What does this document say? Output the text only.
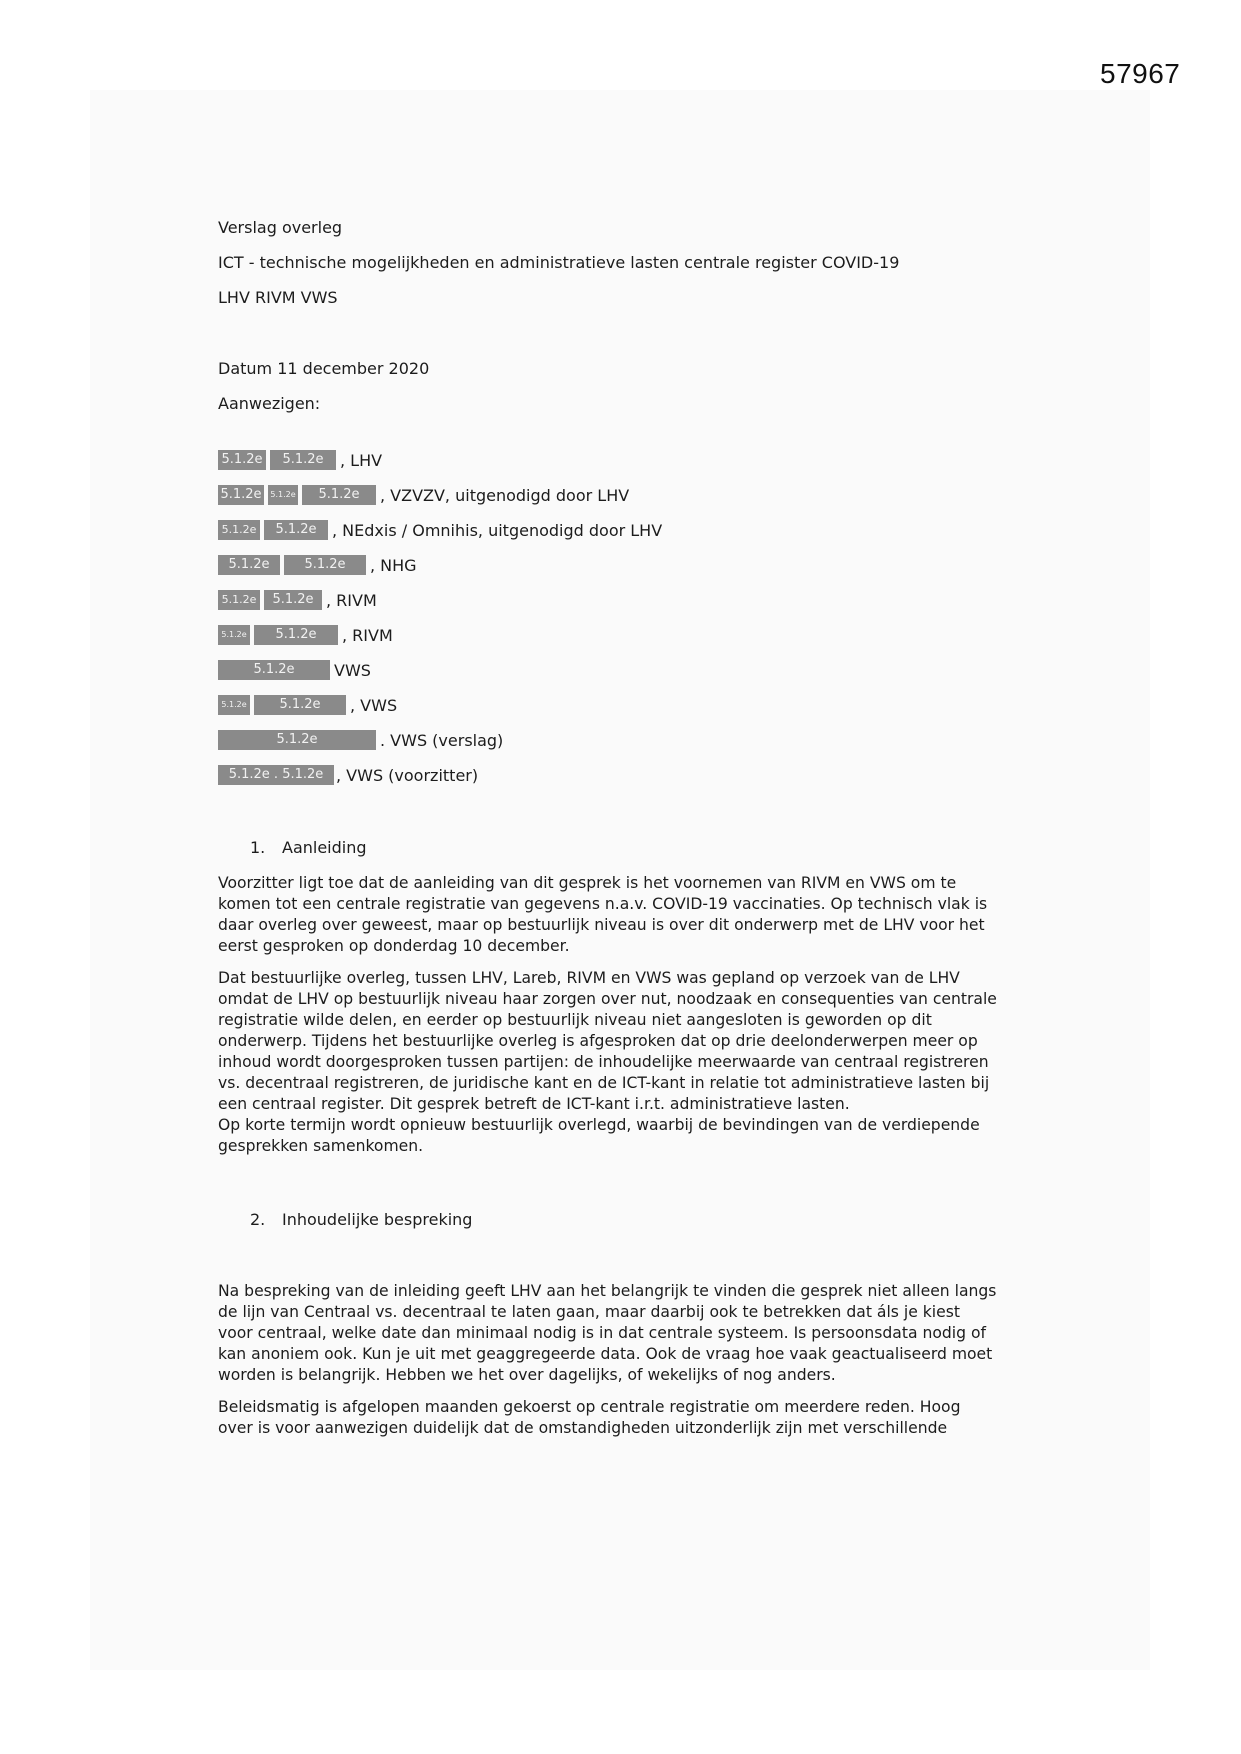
57967
Verslag overleg
ICT - technische mogelijkheden en administratieve lasten centrale register COVID-19
LHV RIVM VWS
Datum 11 december 2020
Aanwezigen:
5.1.2e	5.1.2e	, LHV
5.1.2e	5.1.2e	5.1.2e	, VZVZV, uitgenodigd door LHV
5.1.2e	5.1.2e , NEdxis / Omnihis, uitgenodigd door LHV
5.1.2e	5.1.2e	, NHG
5.1.2e	5.1.2e , RIVM
5.1.2e	5.1.2e	, RIVM
5.1.2e	VWS
5.1.2e	5.1.2e	, VWS
5.1.2e	. VWS (verslag)
5.1.2e . 5.1.2e , VWS (voorzitter)
1. Aanleiding
Voorzitter ligt toe dat de aanleiding van dit gesprek is het voornemen van RIVM en VWS om te
komen tot een centrale registratie van gegevens n.a.v. COVID-19 vaccinaties. Op technisch vlak is
daar overleg over geweest, maar op bestuurlijk niveau is over dit onderwerp met de LHV voor het
eerst gesproken op donderdag 10 december.
Dat bestuurlijke overleg, tussen LHV, Lareb, RIVM en VWS was gepland op verzoek van de LHV
omdat de LHV op bestuurlijk niveau haar zorgen over nut, noodzaak en consequenties van centrale
registratie wilde delen, en eerder op bestuurlijk niveau niet aangesloten is geworden op dit
onderwerp. Tijdens het bestuurlijke overleg is afgesproken dat op drie deelonderwerpen meer op
inhoud wordt doorgesproken tussen partijen: de inhoudelijke meerwaarde van centraal registreren
vs. decentraal registreren, de juridische kant en de ICT-kant in relatie tot administratieve lasten bij
een centraal register. Dit gesprek betreft de ICT-kant i.r.t. administratieve lasten.
Op korte termijn wordt opnieuw bestuurlijk overlegd, waarbij de bevindingen van de verdiepende
gesprekken samenkomen.
2. Inhoudelijke bespreking
Na bespreking van de inleiding geeft LHV aan het belangrijk te vinden die gesprek niet alleen langs
de lijn van Centraal vs. decentraal te laten gaan, maar daarbij ook te betrekken dat áls je kiest
voor centraal, welke date dan minimaal nodig is in dat centrale systeem. Is persoonsdata nodig of
kan anoniem ook. Kun je uit met geaggregeerde data. Ook de vraag hoe vaak geactualiseerd moet
worden is belangrijk. Hebben we het over dagelijks, of wekelijks of nog anders.
Beleidsmatig is afgelopen maanden gekoerst op centrale registratie om meerdere reden. Hoog
over is voor aanwezigen duidelijk dat de omstandigheden uitzonderlijk zijn met verschillende
